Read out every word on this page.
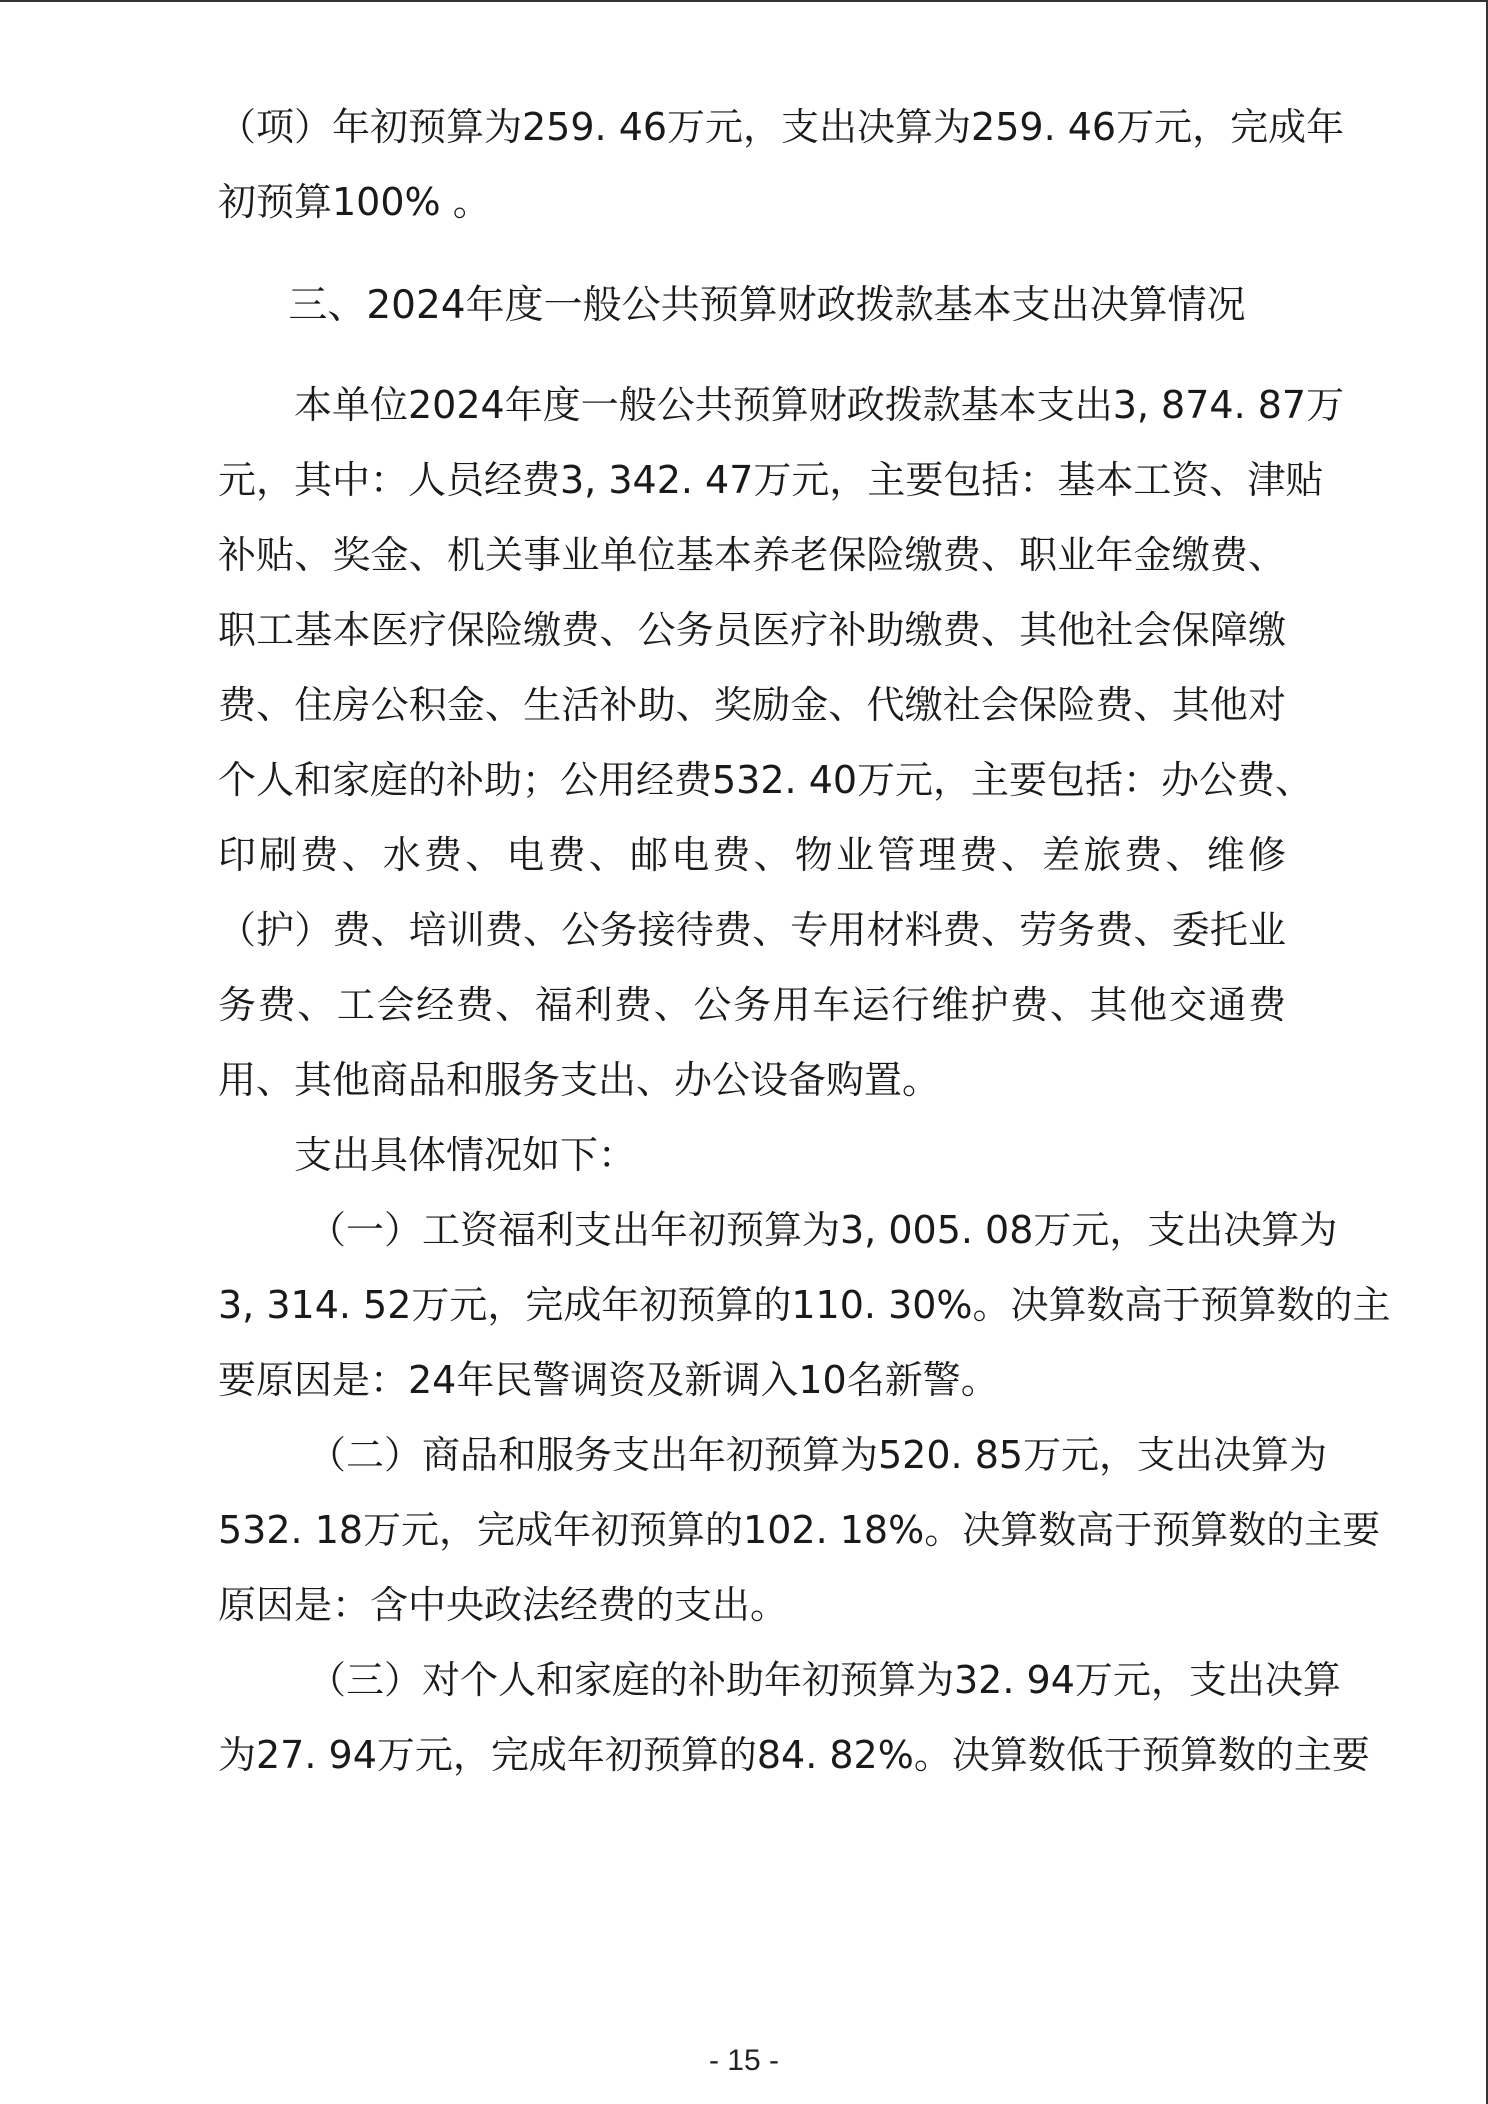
（项）年初预算为259. 46万元，支出决算为259. 46万元，完成年
初预算100% 。
三、2024年度一般公共预算财政拨款基本支出决算情况
本单位2024年度一般公共预算财政拨款基本支出3, 874. 87万
元，其中：人员经费3, 342. 47万元，主要包括：基本工资、津贴
补贴、奖金、机关事业单位基本养老保险缴费、职业年金缴费、
职工基本医疗保险缴费、公务员医疗补助缴费、其他社会保障缴
费、住房公积金、生活补助、奖励金、代缴社会保险费、其他对
个人和家庭的补助；公用经费532. 40万元，主要包括：办公费、
印刷费、水费、电费、邮电费、物业管理费、差旅费、维修
（护）费、培训费、公务接待费、专用材料费、劳务费、委托业
务费、工会经费、福利费、公务用车运行维护费、其他交通费
用、其他商品和服务支出、办公设备购置。
支出具体情况如下：
（一）工资福利支出年初预算为3, 005. 08万元，支出决算为
3, 314. 52万元，完成年初预算的110. 30%。决算数高于预算数的主
要原因是：24年民警调资及新调入10名新警。
（二）商品和服务支出年初预算为520. 85万元，支出决算为
532. 18万元，完成年初预算的102. 18%。决算数高于预算数的主要
原因是：含中央政法经费的支出。
（三）对个人和家庭的补助年初预算为32. 94万元，支出决算
为27. 94万元，完成年初预算的84. 82%。决算数低于预算数的主要
- 15 -
